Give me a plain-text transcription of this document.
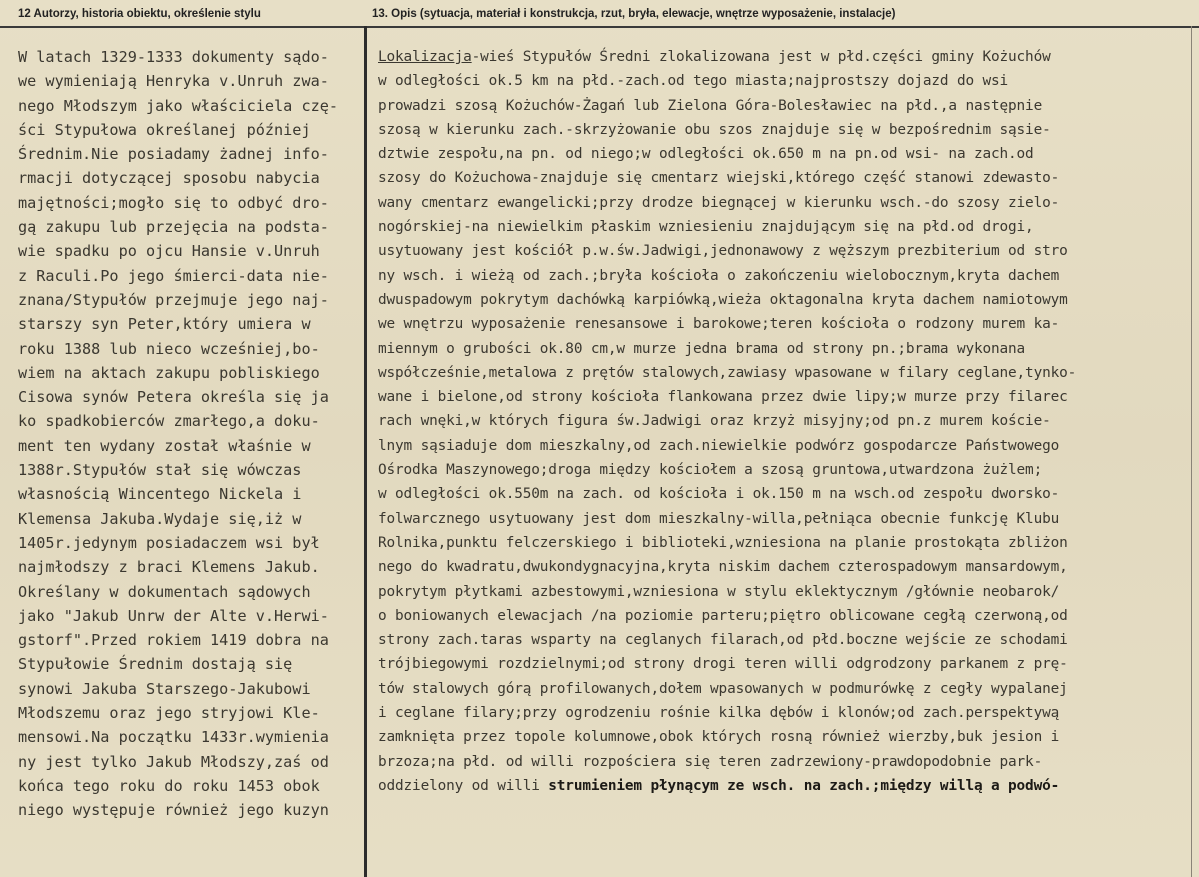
12 Autorzy, historia obiektu, określenie stylu	13. Opis (sytuacja, materiał i konstrukcja, rzut, bryła, elewacje, wnętrze wyposażenie, instalacje)
W latach 1329-1333 dokumenty sądo-
we wymieniają Henryka v.Unruh zwa-
nego Młodszym jako właściciela czę-
ści Stypułowa określanej później
Średnim.Nie posiadamy żadnej info-
rmacji dotyczącej sposobu nabycia
majętności;mogło się to odbyć dro-
gą zakupu lub przejęcia na podsta-
wie spadku po ojcu Hansie v.Unruh
z Raculi.Po jego śmierci-data nie-
znana/Stypułów przejmuje jego naj-
starszy syn Peter,który umiera w
roku 1388 lub nieco wcześniej,bo-
wiem na aktach zakupu pobliskiego
Cisowa synów Petera określa się ja
ko spadkobierców zmarłego,a doku-
ment ten wydany został właśnie w
1388r.Stypułów stał się wówczas
własnością Wincentego Nickela i
Klemensa Jakuba.Wydaje się,iż w
1405r.jedynym posiadaczem wsi był
najmłodszy z braci Klemens Jakub.
Określany w dokumentach sądowych
jako "Jakub Unrw der Alte v.Herwi-
gstorf".Przed rokiem 1419 dobra na
Stypułowie Średnim dostają się
synowi Jakuba Starszego-Jakubowi
Młodszemu oraz jego stryjowi Kle-
mensowi.Na początku 1433r.wymienia
ny jest tylko Jakub Młodszy,zaś od
końca tego roku do roku 1453 obok
niego występuje również jego kuzyn
Lokalizacja-wieś Stypułów Średni zlokalizowana jest w płd.części gminy Kożuchów
w odległości ok.5 km na płd.-zach.od tego miasta;najprostszy dojazd do wsi
prowadzi szosą Kożuchów-Żagań lub Zielona Góra-Bolesławiec na płd.,a następnie
szosą w kierunku zach.-skrzyżowanie obu szos znajduje się w bezpośrednim sąsie-
dztwie zespołu,na pn. od niego;w odległości ok.650 m na pn.od wsi- na zach.od
szosy do Kożuchowa-znajduje się cmentarz wiejski,którego część stanowi zdewasto-
wany cmentarz ewangelicki;przy drodze biegnącej w kierunku wsch.-do szosy zielo-
nogórskiej-na niewielkim płaskim wzniesieniu znajdującym się na płd.od drogi,
usytuowany jest kościół p.w.św.Jadwigi,jednonawowy z węższym prezbiterium od stro
ny wsch. i wieżą od zach.;bryła kościoła o zakończeniu wielobocznym,kryta dachem
dwuspadowym pokrytym dachówką karpiówką,wieża oktagonalna kryta dachem namiotowym
we wnętrzu wyposażenie renesansowe i barokowe;teren kościoła o rodzony murem ka-
miennym o grubości ok.80 cm,w murze jedna brama od strony pn.;brama wykonana
współcześnie,metalowa z prętów stalowych,zawiasy wpasowane w filary ceglane,tynko-
wane i bielone,od strony kościoła flankowana przez dwie lipy;w murze przy filarec
rach wnęki,w których figura św.Jadwigi oraz krzyż misyjny;od pn.z murem koście-
lnym sąsiaduje dom mieszkalny,od zach.niewielkie podwórz gospodarcze Państwowego
Ośrodka Maszynowego;droga między kościołem a szosą gruntowa,utwardzona żużlem;
w odległości ok.550m na zach. od kościoła i ok.150 m na wsch.od zespołu dworsko-
folwarcznego usytuowany jest dom mieszkalny-willa,pełniąca obecnie funkcję Klubu
Rolnika,punktu felczerskiego i biblioteki,wzniesiona na planie prostokąta zbliżon
nego do kwadratu,dwukondygnacyjna,kryta niskim dachem czterospadowym mansardowym,
pokrytym płytkami azbestowymi,wzniesiona w stylu eklektycznym /głównie neobarok/
o boniowanych elewacjach /na poziomie parteru;piętro oblicowane cegłą czerwoną,od
strony zach.taras wsparty na ceglanych filarach,od płd.boczne wejście ze schodami
trójbiegowymi rozdzielnymi;od strony drogi teren willi odgrodzony parkanem z prę-
tów stalowych górą profilowanych,dołem wpasowanych w podmurówkę z cegły wypalanej
i ceglane filary;przy ogrodzeniu rośnie kilka dębów i klonów;od zach.perspektywą
zamknięta przez topole kolumnowe,obok których rosną również wierzby,buk jesion i
brzoza;na płd. od willi rozpościera się teren zadrzewiony-prawdopodobnie park-
oddzielony od willi strumieniem płynącym ze wsch. na zach.;między willą a podwó-
